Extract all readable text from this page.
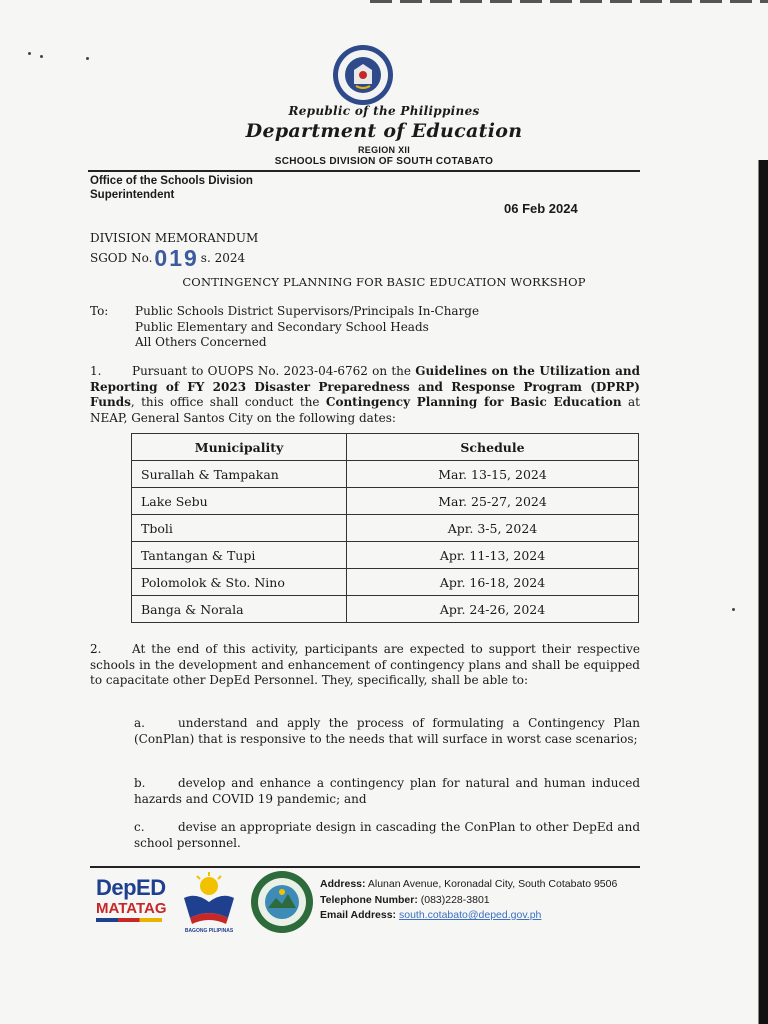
Republic of the Philippines
Department of Education
REGION XII
SCHOOLS DIVISION OF SOUTH COTABATO
Office of the Schools Division
Superintendent
06 Feb 2024
DIVISION MEMORANDUM
SGOD No. 019 s. 2024
CONTINGENCY PLANNING FOR BASIC EDUCATION WORKSHOP
To: Public Schools District Supervisors/Principals In-Charge
Public Elementary and Secondary School Heads
All Others Concerned
1.	Pursuant to OUOPS No. 2023-04-6762 on the Guidelines on the Utilization and Reporting of FY 2023 Disaster Preparedness and Response Program (DPRP) Funds, this office shall conduct the Contingency Planning for Basic Education at NEAP, General Santos City on the following dates:
Municipality	Schedule
Surallah & Tampakan	Mar. 13-15, 2024
Lake Sebu	Mar. 25-27, 2024
Tboli	Apr. 3-5, 2024
Tantangan & Tupi	Apr. 11-13, 2024
Polomolok & Sto. Nino	Apr. 16-18, 2024
Banga & Norala	Apr. 24-26, 2024
2.	At the end of this activity, participants are expected to support their respective schools in the development and enhancement of contingency plans and shall be equipped to capacitate other DepEd Personnel. They, specifically, shall be able to:
a.	understand and apply the process of formulating a Contingency Plan (ConPlan) that is responsive to the needs that will surface in worst case scenarios;
b.	develop and enhance a contingency plan for natural and human induced hazards and COVID 19 pandemic; and
c.	devise an appropriate design in cascading the ConPlan to other DepEd and school personnel.
DepED
MATATAG
BAGONG PILIPINAS
Address: Alunan Avenue, Koronadal City, South Cotabato 9506
Telephone Number: (083)228-3801
Email Address: south.cotabato@deped.gov.ph
